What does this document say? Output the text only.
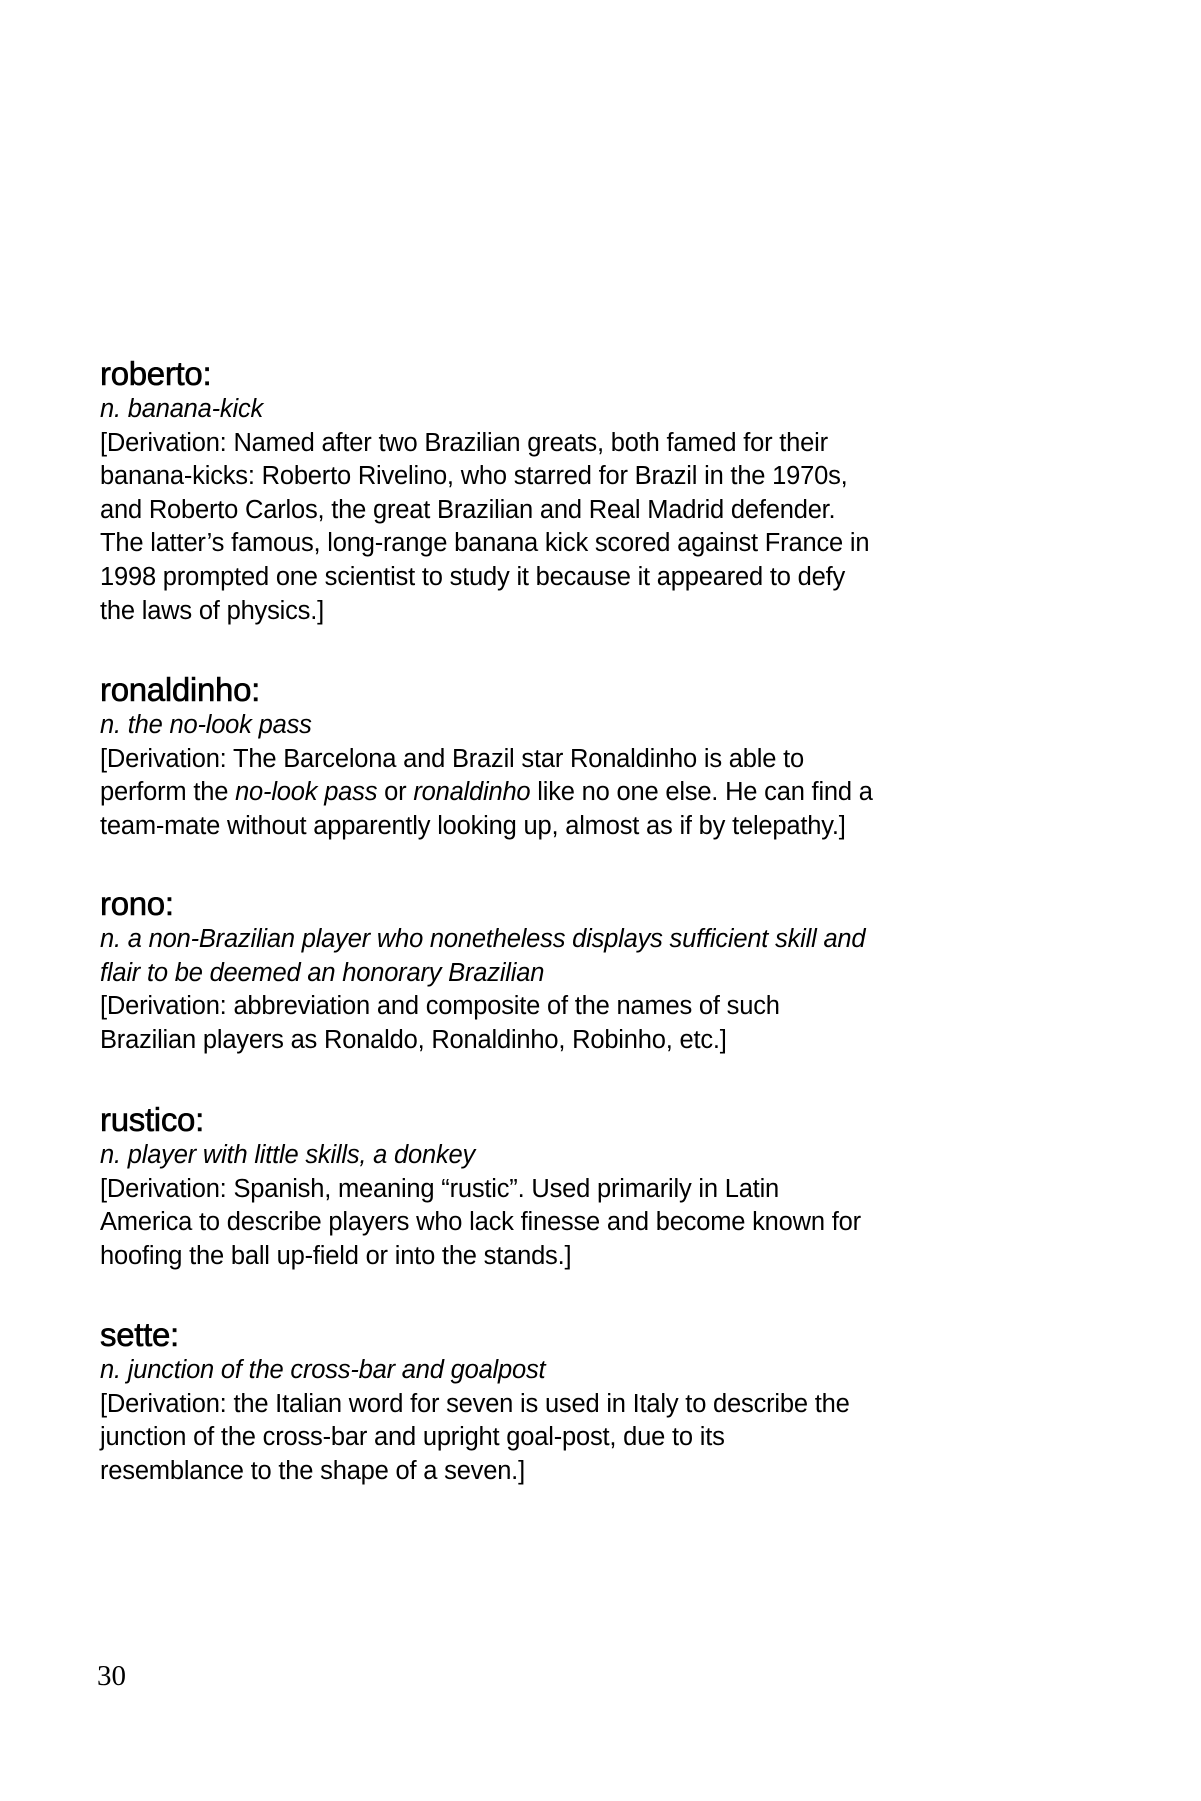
roberto:
n. banana-kick
[Derivation: Named after two Brazilian greats, both famed for their
banana-kicks: Roberto Rivelino, who starred for Brazil in the 1970s,
and Roberto Carlos, the great Brazilian and Real Madrid defender.
The latter’s famous, long-range banana kick scored against France in
1998 prompted one scientist to study it because it appeared to defy
the laws of physics.]
ronaldinho:
n. the no-look pass
[Derivation: The Barcelona and Brazil star Ronaldinho is able to
perform the no-look pass or ronaldinho like no one else. He can find a
team-mate without apparently looking up, almost as if by telepathy.]
rono:
n. a non-Brazilian player who nonetheless displays sufficient skill and
flair to be deemed an honorary Brazilian
[Derivation: abbreviation and composite of the names of such
Brazilian players as Ronaldo, Ronaldinho, Robinho, etc.]
rustico:
n. player with little skills, a donkey
[Derivation: Spanish, meaning “rustic”. Used primarily in Latin
America to describe players who lack finesse and become known for
hoofing the ball up-field or into the stands.]
sette:
n. junction of the cross-bar and goalpost
[Derivation: the Italian word for seven is used in Italy to describe the
junction of the cross-bar and upright goal-post, due to its
resemblance to the shape of a seven.]
30
